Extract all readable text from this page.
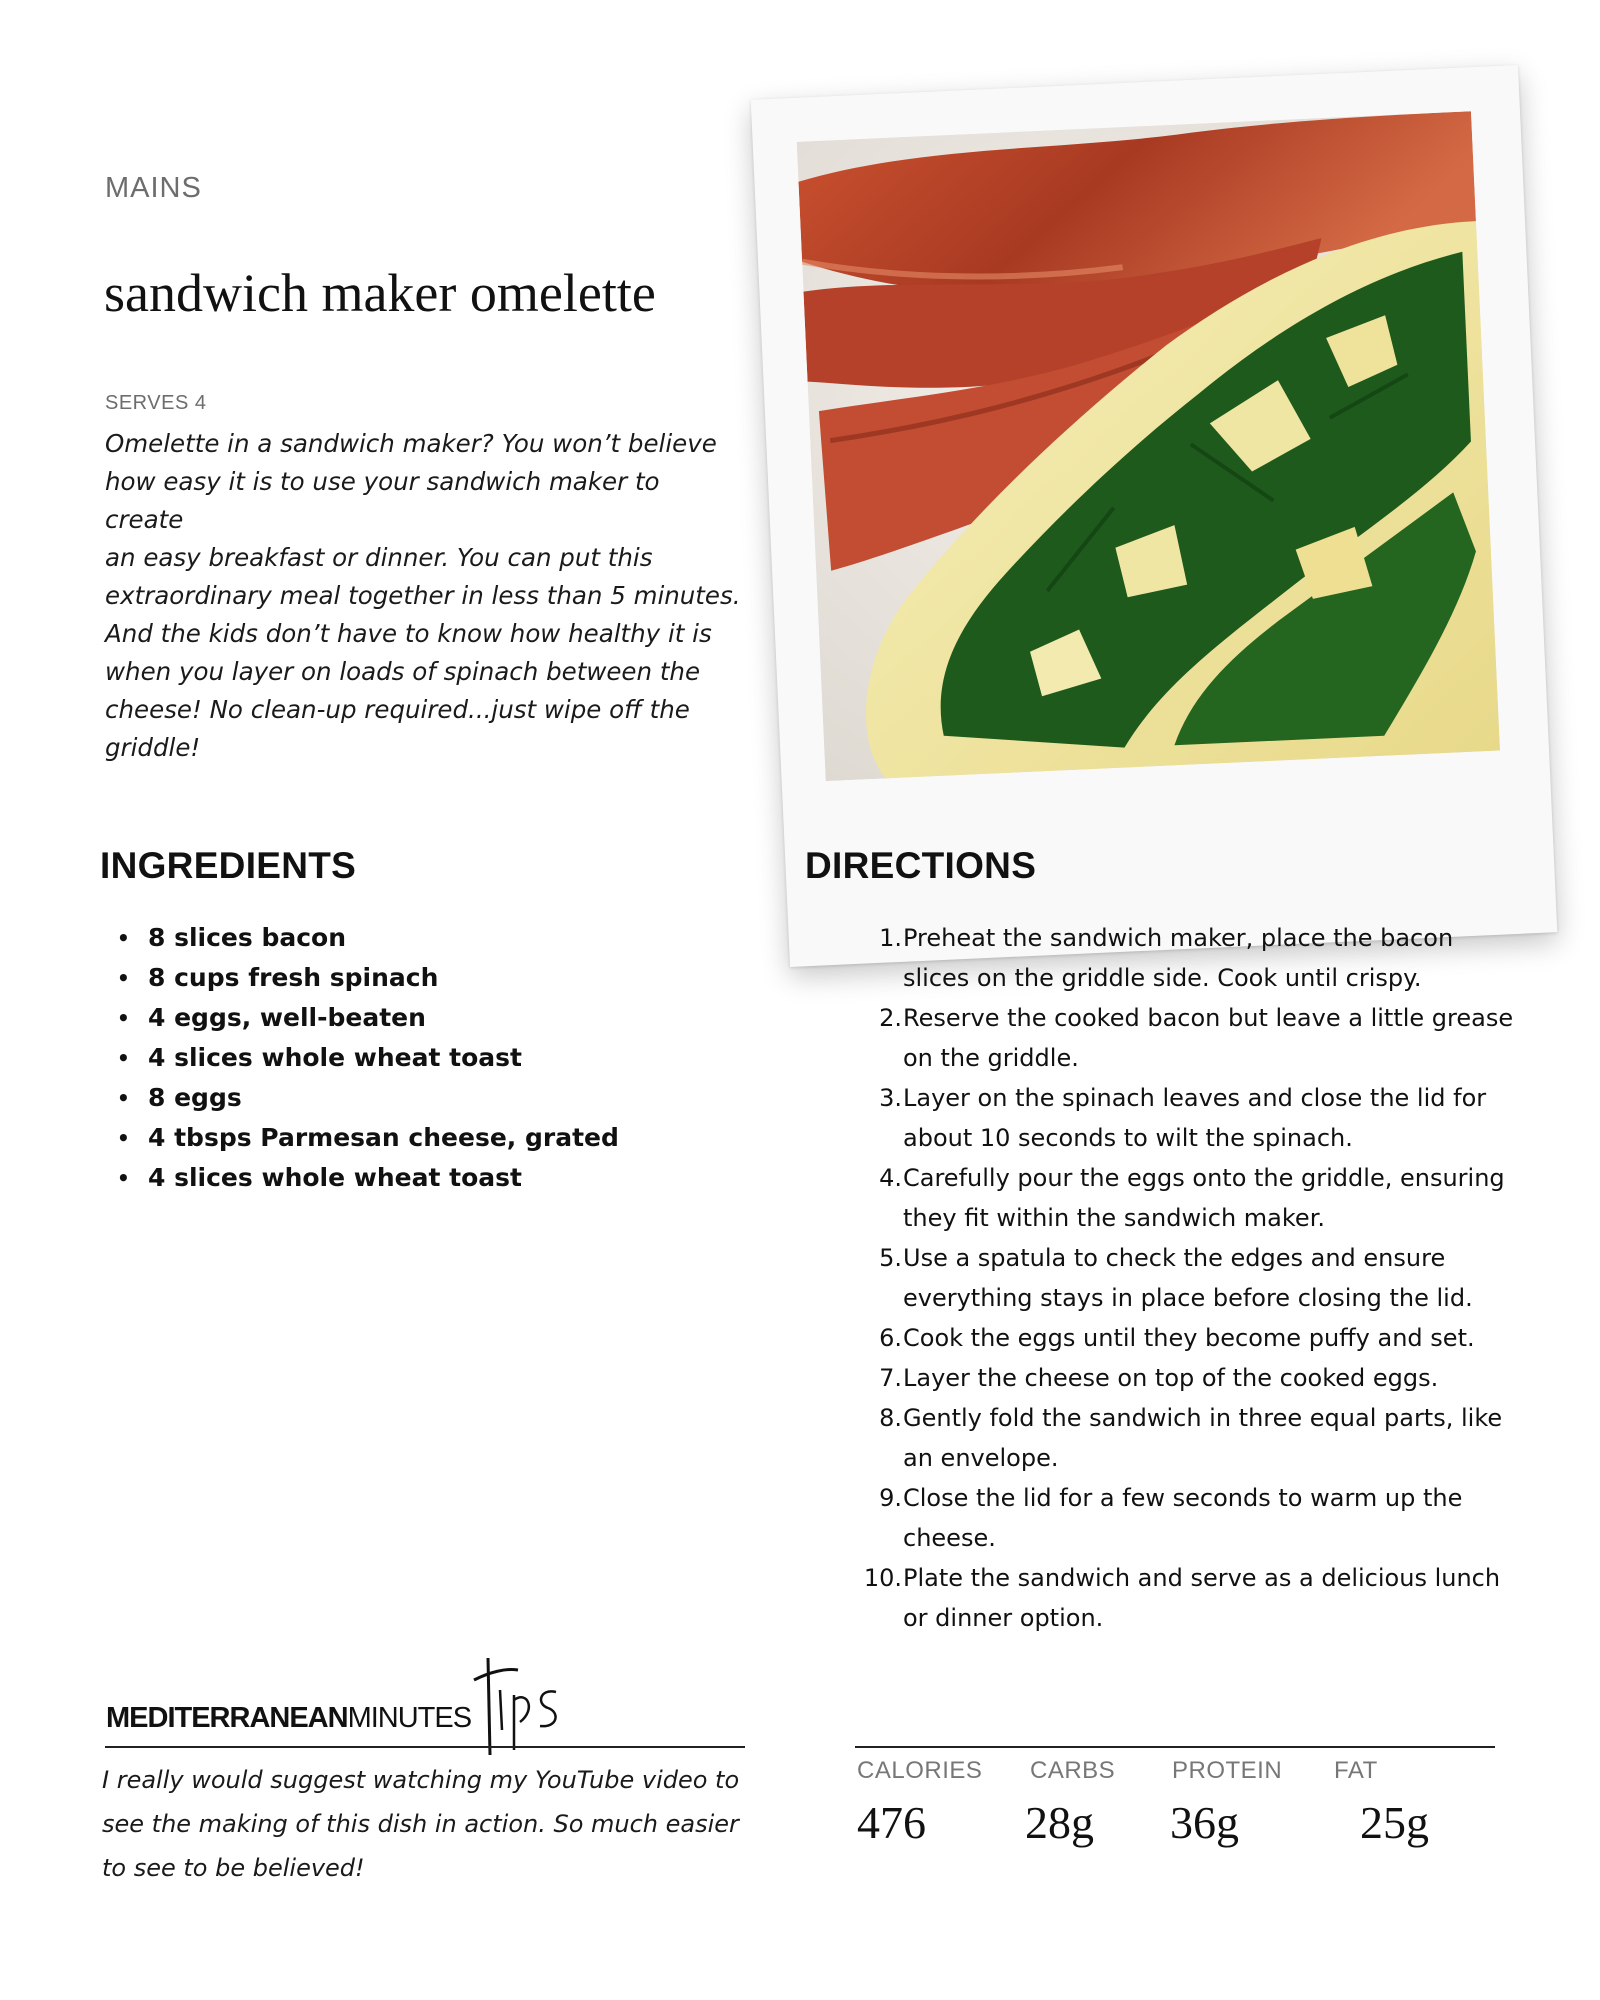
MAINS
sandwich maker omelette
SERVES 4
Omelette in a sandwich maker? You won’t believe
how easy it is to use your sandwich maker to create
an easy breakfast or dinner. You can put this
extraordinary meal together in less than 5 minutes.
And the kids don’t have to know how healthy it is
when you layer on loads of spinach between the
cheese! No clean-up required...just wipe off the
griddle!
INGREDIENTS
• 8 slices bacon
• 8 cups fresh spinach
• 4 eggs, well-beaten
• 4 slices whole wheat toast
• 8 eggs
• 4 tbsps Parmesan cheese, grated
• 4 slices whole wheat toast
DIRECTIONS
1. Preheat the sandwich maker, place the bacon
slices on the griddle side. Cook until crispy.
2. Reserve the cooked bacon but leave a little grease
on the griddle.
3. Layer on the spinach leaves and close the lid for
about 10 seconds to wilt the spinach.
4. Carefully pour the eggs onto the griddle, ensuring
they fit within the sandwich maker.
5. Use a spatula to check the edges and ensure
everything stays in place before closing the lid.
6. Cook the eggs until they become puffy and set.
7. Layer the cheese on top of the cooked eggs.
8. Gently fold the sandwich in three equal parts, like
an envelope.
9. Close the lid for a few seconds to warm up the
cheese.
10. Plate the sandwich and serve as a delicious lunch
or dinner option.
MEDITERRANEANMINUTES
I really would suggest watching my YouTube video to
see the making of this dish in action. So much easier
to see to be believed!
CALORIES CARBS PROTEIN FAT
476 28g 36g	25g
